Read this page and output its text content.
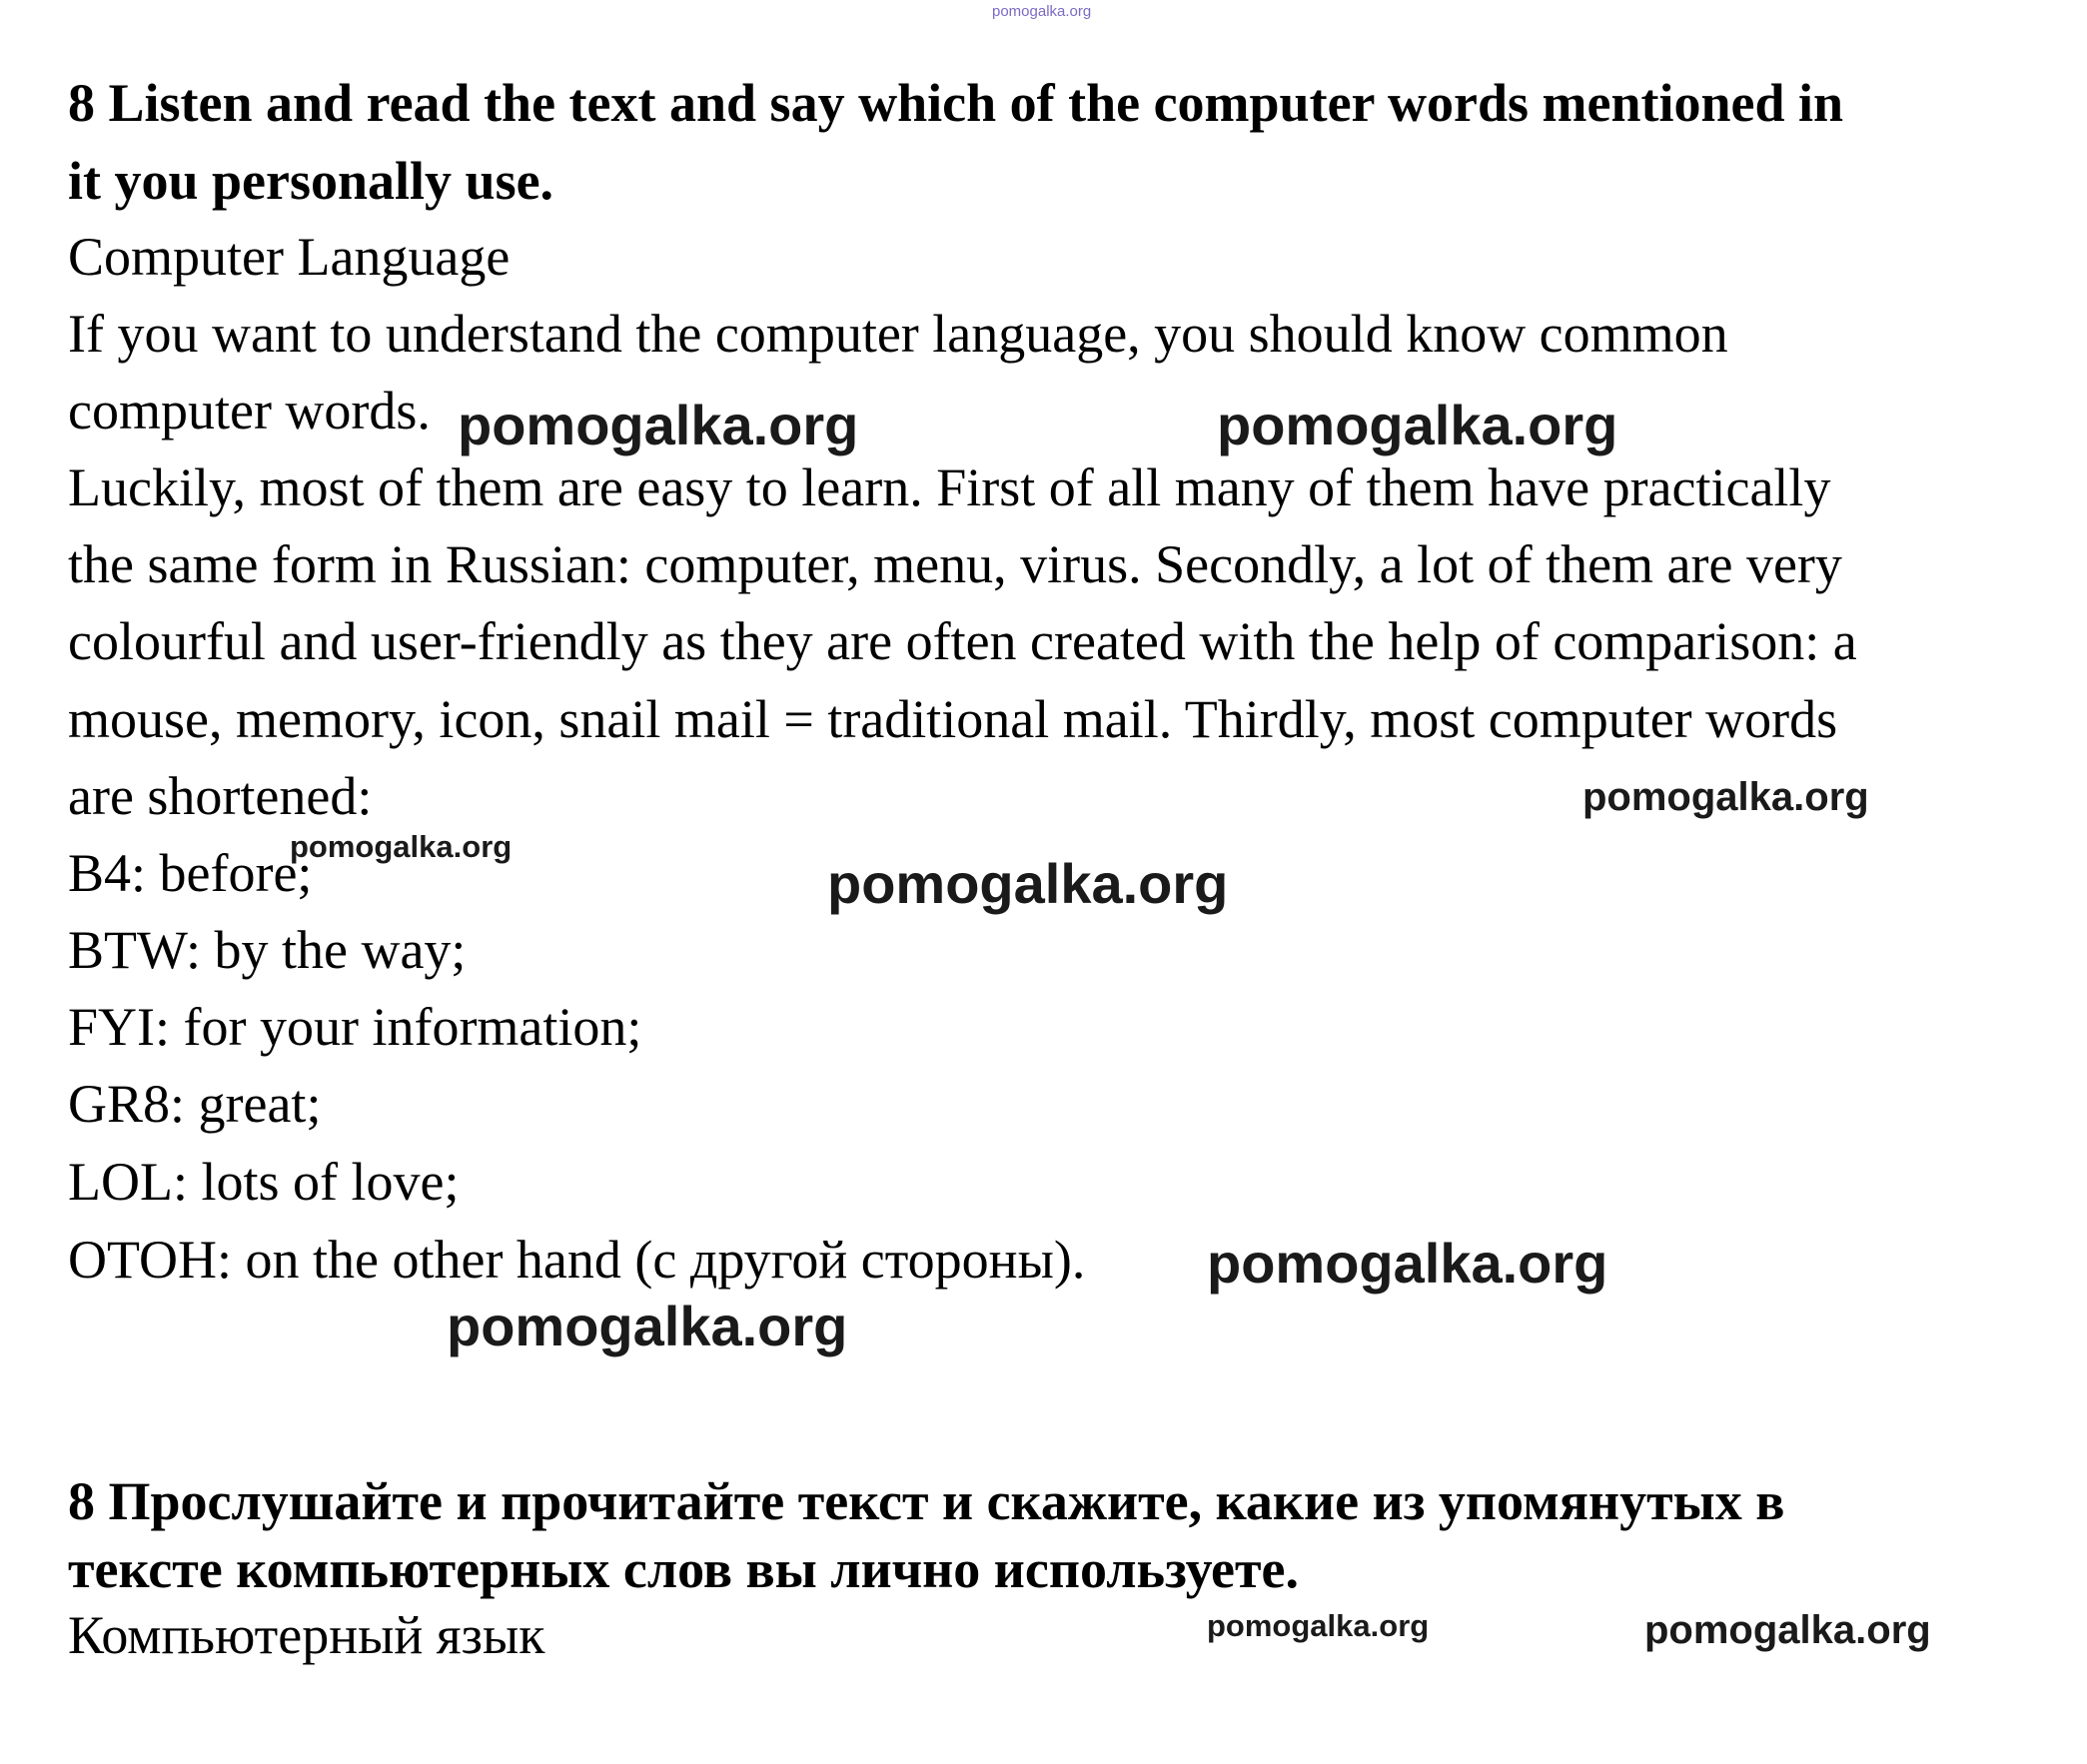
pomogalka.org
8 Listen and read the text and say which of the computer words mentioned in
it you personally use.
Computer Language
If you want to understand the computer language, you should know common
computer words.
Luckily, most of them are easy to learn. First of all many of them have practically
the same form in Russian: computer, menu, virus. Secondly, a lot of them are very
colourful and user-friendly as they are often created with the help of comparison: a
mouse, memory, icon, snail mail = traditional mail. Thirdly, most computer words
are shortened:
B4: before;
BTW: by the way;
FYI: for your information;
GR8: great;
LOL: lots of love;
OTOH: on the other hand (с другой стороны).
8 Прослушайте и прочитайте текст и скажите, какие из упомянутых в
тексте компьютерных слов вы лично используете.
Компьютерный язык
pomogalka.org	pomogalka.org
pomogalka.org
pomogalka.org
pomogalka.org
pomogalka.org
pomogalka.org
pomogalka.org	pomogalka.org
